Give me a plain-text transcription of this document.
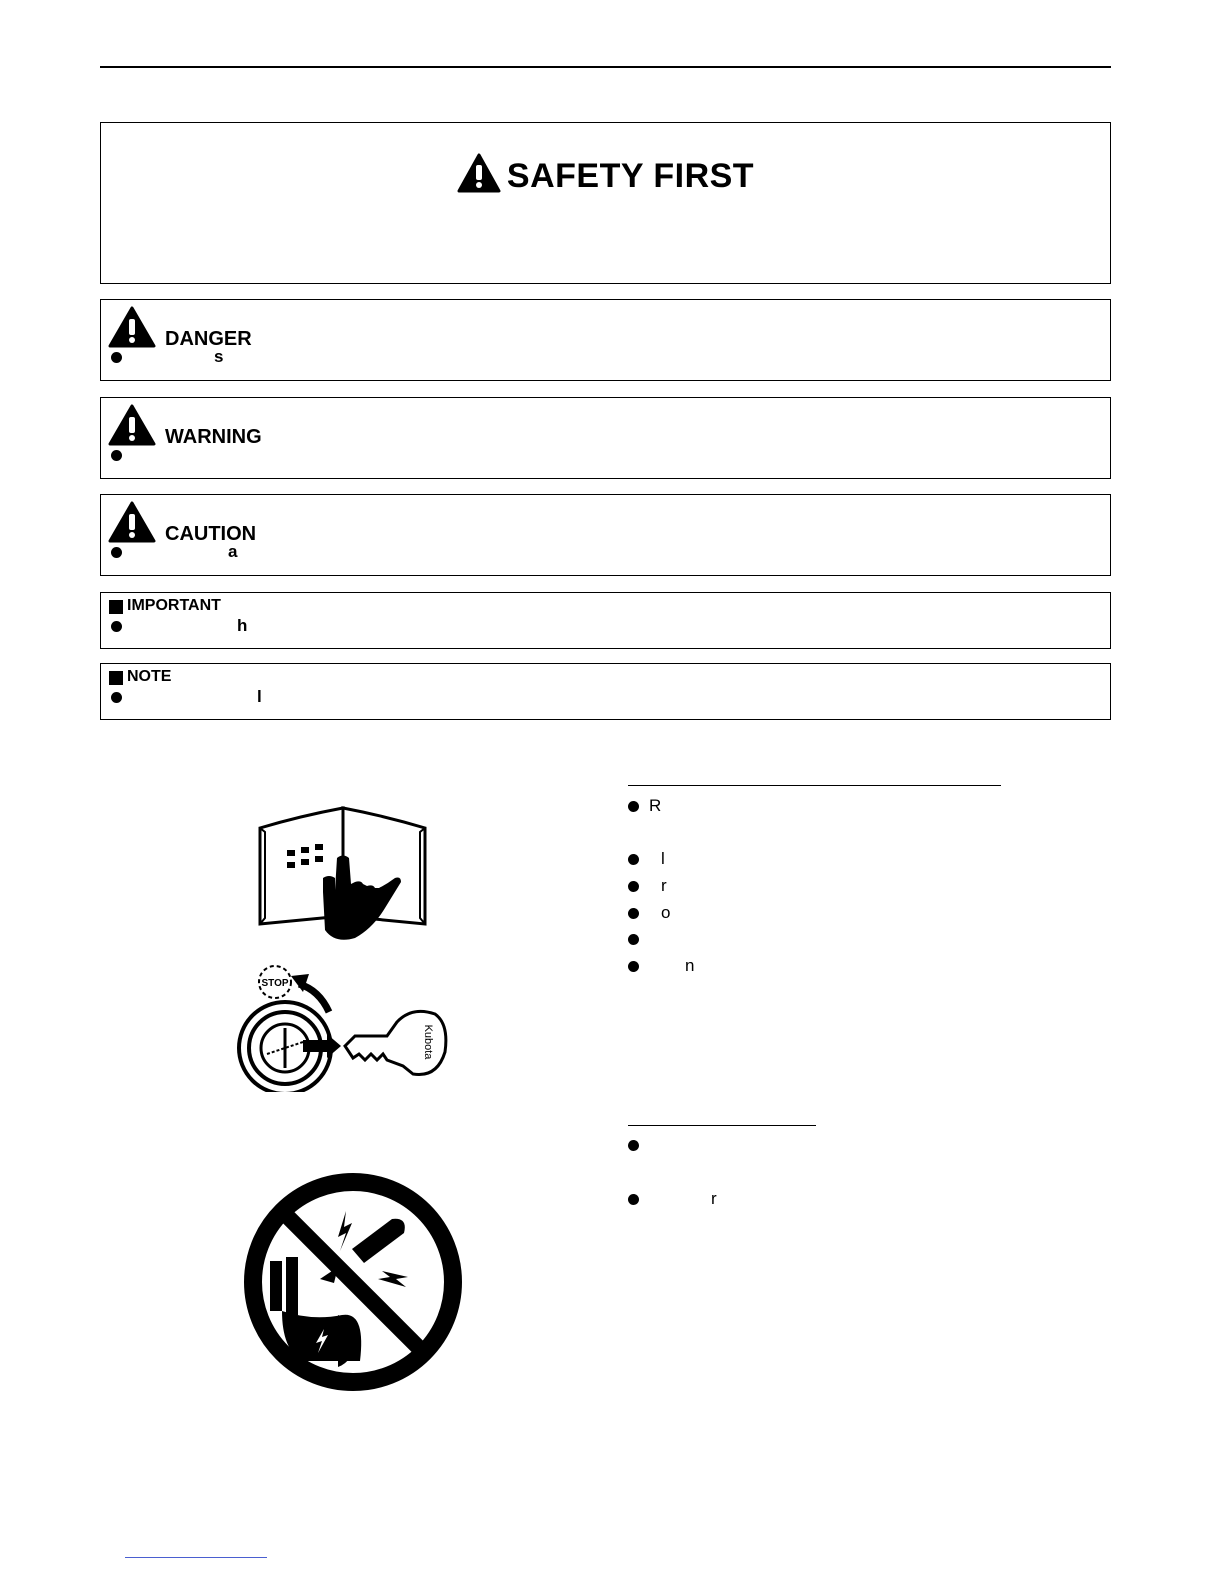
SAFETY FIRST
DANGER
s
WARNING
CAUTION
a
IMPORTANT
h
NOTE
l
R
l
r
o
n
r
STOP
Kubota
